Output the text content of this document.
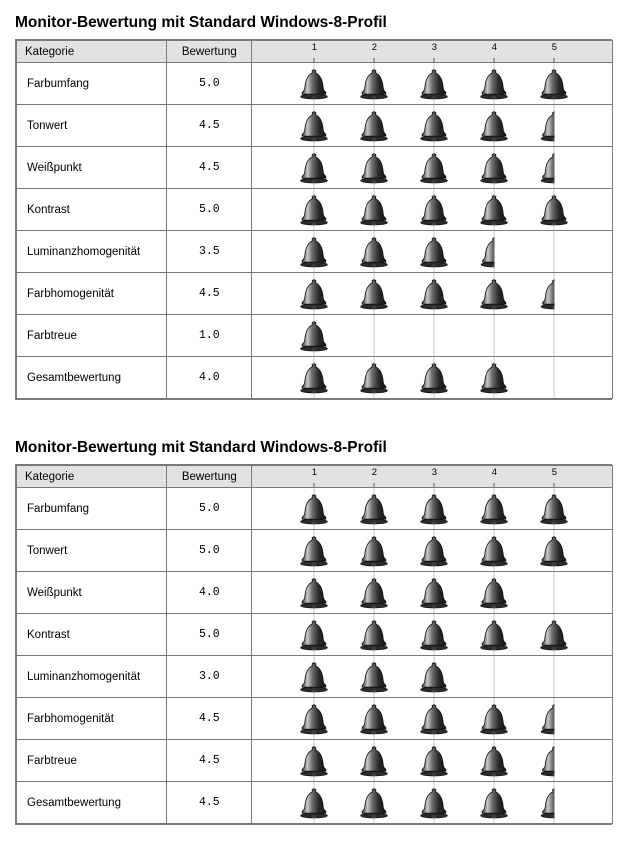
Monitor-Bewertung mit Standard Windows-8-Profil
Kategorie	Bewertung	1 2 3 4 5

Farbumfang	5.0	

Tonwert	4.5	

Weißpunkt	4.5	

Kontrast	5.0	

Luminanzhomogenität	3.5	

Farbhomogenität	4.5	

Farbtreue	1.0	

Gesamtbewertung	4.0	
Monitor-Bewertung mit Standard Windows-8-Profil
Kategorie	Bewertung	1 2 3 4 5

Farbumfang	5.0	

Tonwert	5.0	

Weißpunkt	4.0	

Kontrast	5.0	

Luminanzhomogenität	3.0	

Farbhomogenität	4.5	

Farbtreue	4.5	

Gesamtbewertung	4.5	
